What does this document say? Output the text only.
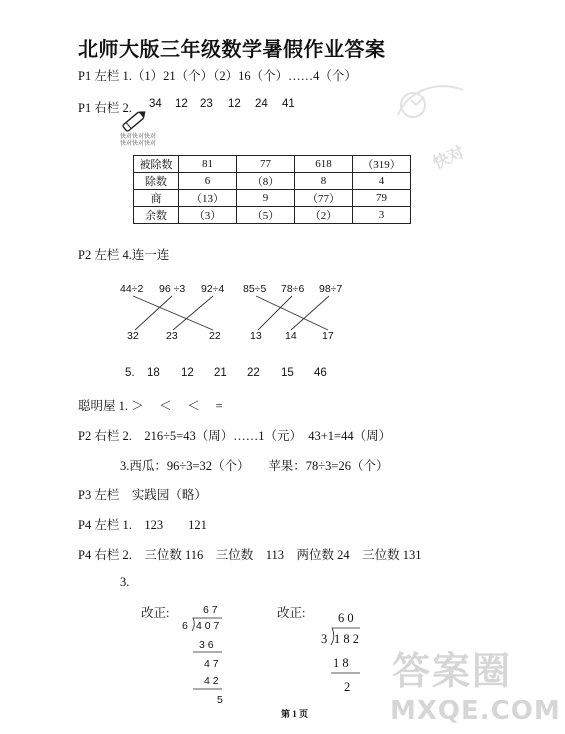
快对
北师大版三年级数学暑假作业答案
P1 左栏 1.（1）21（个）（2）16（个）……4（个）
P1 右栏 2. 34 12 23 12 24 41
快对快对快对
快对快对快对
被除数	81	77	618	（319）
除数	6	（8）	8	4
商	（13）	9	（77）	79
余数	（3）	（5）	（2）	3
P2 左栏 4.连一连
44÷2 96 ÷3 92÷4
32	23	22
85÷5 78÷6 98÷7
13 14 17
5. 18 12 21 22 15 46
聪明屋 1. ＞　 ＜　 ＜　 =
P2 右栏 2.　216÷5=43（周）……1（元）　43+1=44（周）
3.西瓜：96÷3=32（个）　　苹果：78÷3=26（个）
P3 左栏　实践园（略）
P4 左栏 1.　123　　121
P4 右栏 2.　三位数 116　三位数　113　两位数 24　三位数 131
3.
改正:	6 7
6 4 0 7
3 6
4 7
4 2
5
改正:	6 0
3 1 8 2
1 8
2
第 1 页
答案圈
MXQE.COM
